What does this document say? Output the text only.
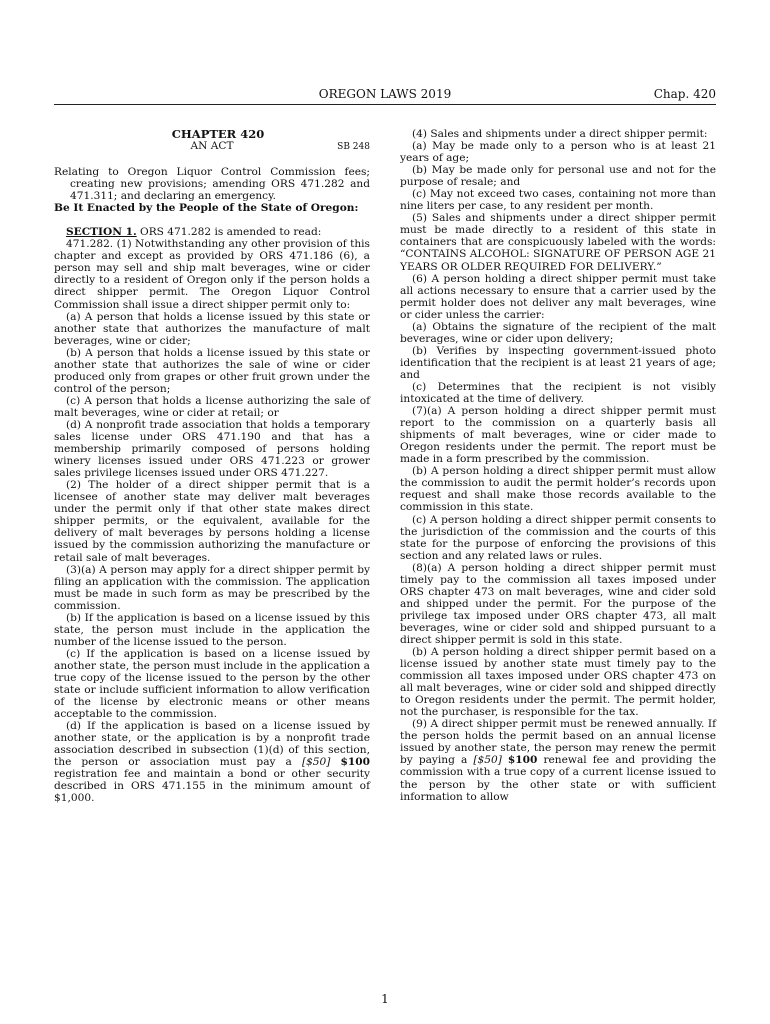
OREGON LAWS 2019	Chap. 420

CHAPTER 420

AN ACT	SB 248

Relating to Oregon Liquor Control Commission fees; creating new provisions; amending ORS 471.282 and 471.311; and declaring an emergency.

Be It Enacted by the People of the State of Oregon:

SECTION 1. ORS 471.282 is amended to read:

471.282. (1) Notwithstanding any other provision of this chapter and except as provided by ORS 471.186 (6), a person may sell and ship malt beverages, wine or cider directly to a resident of Oregon only if the person holds a direct shipper permit. The Oregon Liquor Control Commission shall issue a direct shipper permit only to:

(a) A person that holds a license issued by this state or another state that authorizes the manufacture of malt beverages, wine or cider;

(b) A person that holds a license issued by this state or another state that authorizes the sale of wine or cider produced only from grapes or other fruit grown under the control of the person;

(c) A person that holds a license authorizing the sale of malt beverages, wine or cider at retail; or

(d) A nonprofit trade association that holds a temporary sales license under ORS 471.190 and that has a membership primarily composed of persons holding winery licenses issued under ORS 471.223 or grower sales privilege licenses issued under ORS 471.227.

(2) The holder of a direct shipper permit that is a licensee of another state may deliver malt beverages under the permit only if that other state makes direct shipper permits, or the equivalent, available for the delivery of malt beverages by persons holding a license issued by the commission authorizing the manufacture or retail sale of malt beverages.

(3)(a) A person may apply for a direct shipper permit by filing an application with the commission. The application must be made in such form as may be prescribed by the commission.

(b) If the application is based on a license issued by this state, the person must include in the application the number of the license issued to the person.

(c) If the application is based on a license issued by another state, the person must include in the application a true copy of the license issued to the person by the other state or include sufficient information to allow verification of the license by electronic means or other means acceptable to the commission.

(d) If the application is based on a license issued by another state, or the application is by a nonprofit trade association described in subsection (1)(d) of this section, the person or association must pay a [$50] $100 registration fee and maintain a bond or other security described in ORS 471.155 in the minimum amount of $1,000.

(4) Sales and shipments under a direct shipper permit:

(a) May be made only to a person who is at least 21 years of age;

(b) May be made only for personal use and not for the purpose of resale; and

(c) May not exceed two cases, containing not more than nine liters per case, to any resident per month.

(5) Sales and shipments under a direct shipper permit must be made directly to a resident of this state in containers that are conspicuously labeled with the words: “CONTAINS ALCOHOL: SIGNATURE OF PERSON AGE 21 YEARS OR OLDER REQUIRED FOR DELIVERY.”

(6) A person holding a direct shipper permit must take all actions necessary to ensure that a carrier used by the permit holder does not deliver any malt beverages, wine or cider unless the carrier:

(a) Obtains the signature of the recipient of the malt beverages, wine or cider upon delivery;

(b) Verifies by inspecting government-issued photo identification that the recipient is at least 21 years of age; and

(c) Determines that the recipient is not visibly intoxicated at the time of delivery.

(7)(a) A person holding a direct shipper permit must report to the commission on a quarterly basis all shipments of malt beverages, wine or cider made to Oregon residents under the permit. The report must be made in a form prescribed by the commission.

(b) A person holding a direct shipper permit must allow the commission to audit the permit holder’s records upon request and shall make those records available to the commission in this state.

(c) A person holding a direct shipper permit consents to the jurisdiction of the commission and the courts of this state for the purpose of enforcing the provisions of this section and any related laws or rules.

(8)(a) A person holding a direct shipper permit must timely pay to the commission all taxes imposed under ORS chapter 473 on malt beverages, wine and cider sold and shipped under the permit. For the purpose of the privilege tax imposed under ORS chapter 473, all malt beverages, wine or cider sold and shipped pursuant to a direct shipper permit is sold in this state.

(b) A person holding a direct shipper permit based on a license issued by another state must timely pay to the commission all taxes imposed under ORS chapter 473 on all malt beverages, wine or cider sold and shipped directly to Oregon residents under the permit. The permit holder, not the purchaser, is responsible for the tax.

(9) A direct shipper permit must be renewed annually. If the person holds the permit based on an annual license issued by another state, the person may renew the permit by paying a [$50] $100 renewal fee and providing the commission with a true copy of a current license issued to the person by the other state or with sufficient information to allow

1
